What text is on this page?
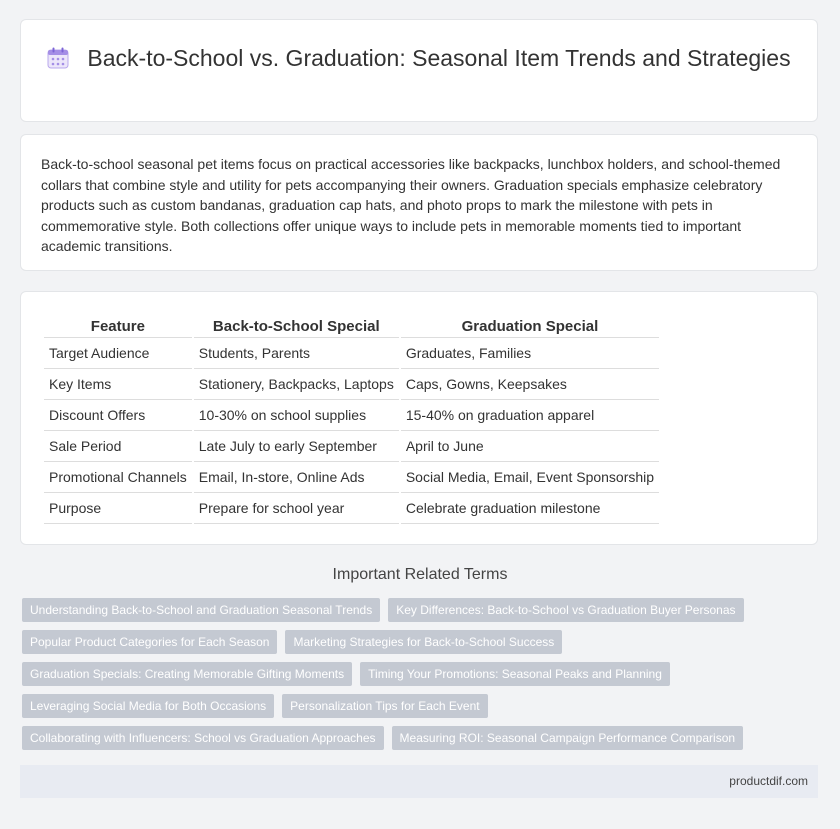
Back-to-School vs. Graduation: Seasonal Item Trends and Strategies
Back-to-school seasonal pet items focus on practical accessories like backpacks, lunchbox holders, and school-themed collars that combine style and utility for pets accompanying their owners. Graduation specials emphasize celebratory products such as custom bandanas, graduation cap hats, and photo props to mark the milestone with pets in commemorative style. Both collections offer unique ways to include pets in memorable moments tied to important academic transitions.
Feature	Back-to-School Special	Graduation Special
Target Audience	Students, Parents	Graduates, Families
Key Items	Stationery, Backpacks, Laptops	Caps, Gowns, Keepsakes
Discount Offers	10-30% on school supplies	15-40% on graduation apparel
Sale Period	Late July to early September	April to June
Promotional Channels	Email, In-store, Online Ads	Social Media, Email, Event Sponsorship
Purpose	Prepare for school year	Celebrate graduation milestone
Important Related Terms
Understanding Back-to-School and Graduation Seasonal Trends	Key Differences: Back-to-School vs Graduation Buyer Personas
Popular Product Categories for Each Season	Marketing Strategies for Back-to-School Success
Graduation Specials: Creating Memorable Gifting Moments	Timing Your Promotions: Seasonal Peaks and Planning
Leveraging Social Media for Both Occasions	Personalization Tips for Each Event
Collaborating with Influencers: School vs Graduation Approaches	Measuring ROI: Seasonal Campaign Performance Comparison
productdif.com
